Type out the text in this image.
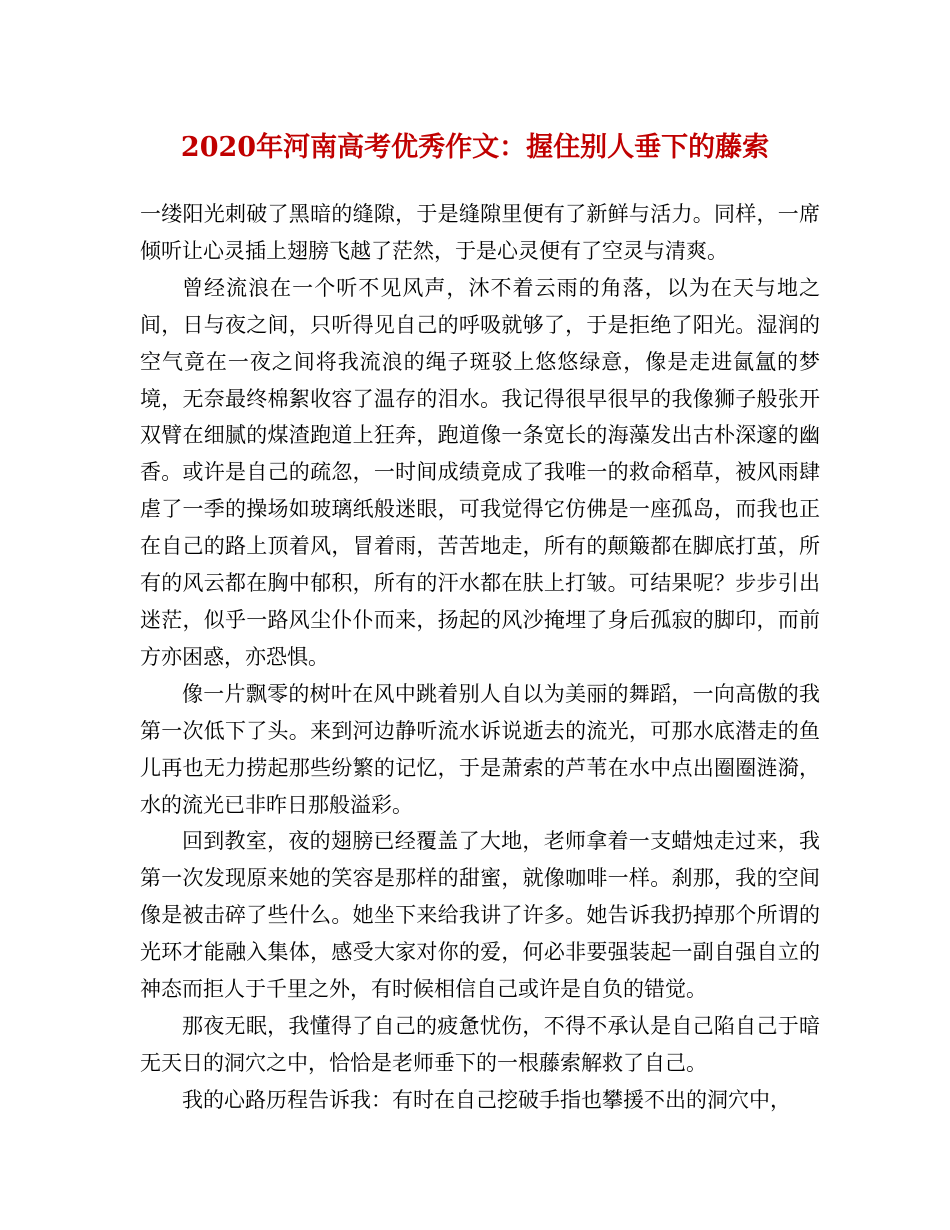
2020年河南高考优秀作文：握住别人垂下的藤索

一缕阳光刺破了黑暗的缝隙，于是缝隙里便有了新鲜与活力。同样，一席倾听让心灵插上翅膀飞越了茫然，于是心灵便有了空灵与清爽。

曾经流浪在一个听不见风声，沐不着云雨的角落，以为在天与地之间，日与夜之间，只听得见自己的呼吸就够了，于是拒绝了阳光。湿润的空气竟在一夜之间将我流浪的绳子斑驳上悠悠绿意，像是走进氤氲的梦境，无奈最终棉絮收容了温存的泪水。我记得很早很早的我像狮子般张开双臂在细腻的煤渣跑道上狂奔，跑道像一条宽长的海藻发出古朴深邃的幽香。或许是自己的疏忽，一时间成绩竟成了我唯一的救命稻草，被风雨肆虐了一季的操场如玻璃纸般迷眼，可我觉得它仿佛是一座孤岛，而我也正在自己的路上顶着风，冒着雨，苦苦地走，所有的颠簸都在脚底打茧，所有的风云都在胸中郁积，所有的汗水都在肤上打皱。可结果呢？步步引出迷茫，似乎一路风尘仆仆而来，扬起的风沙掩埋了身后孤寂的脚印，而前方亦困惑，亦恐惧。

像一片飘零的树叶在风中跳着别人自以为美丽的舞蹈，一向高傲的我第一次低下了头。来到河边静听流水诉说逝去的流光，可那水底潜走的鱼儿再也无力捞起那些纷繁的记忆，于是萧索的芦苇在水中点出圈圈涟漪，水的流光已非昨日那般溢彩。

回到教室，夜的翅膀已经覆盖了大地，老师拿着一支蜡烛走过来，我第一次发现原来她的笑容是那样的甜蜜，就像咖啡一样。刹那，我的空间像是被击碎了些什么。她坐下来给我讲了许多。她告诉我扔掉那个所谓的光环才能融入集体，感受大家对你的爱，何必非要强装起一副自强自立的神态而拒人于千里之外，有时候相信自己或许是自负的错觉。

那夜无眠，我懂得了自己的疲惫忧伤，不得不承认是自己陷自己于暗无天日的洞穴之中，恰恰是老师垂下的一根藤索解救了自己。

我的心路历程告诉我：有时在自己挖破手指也攀援不出的洞穴中，
